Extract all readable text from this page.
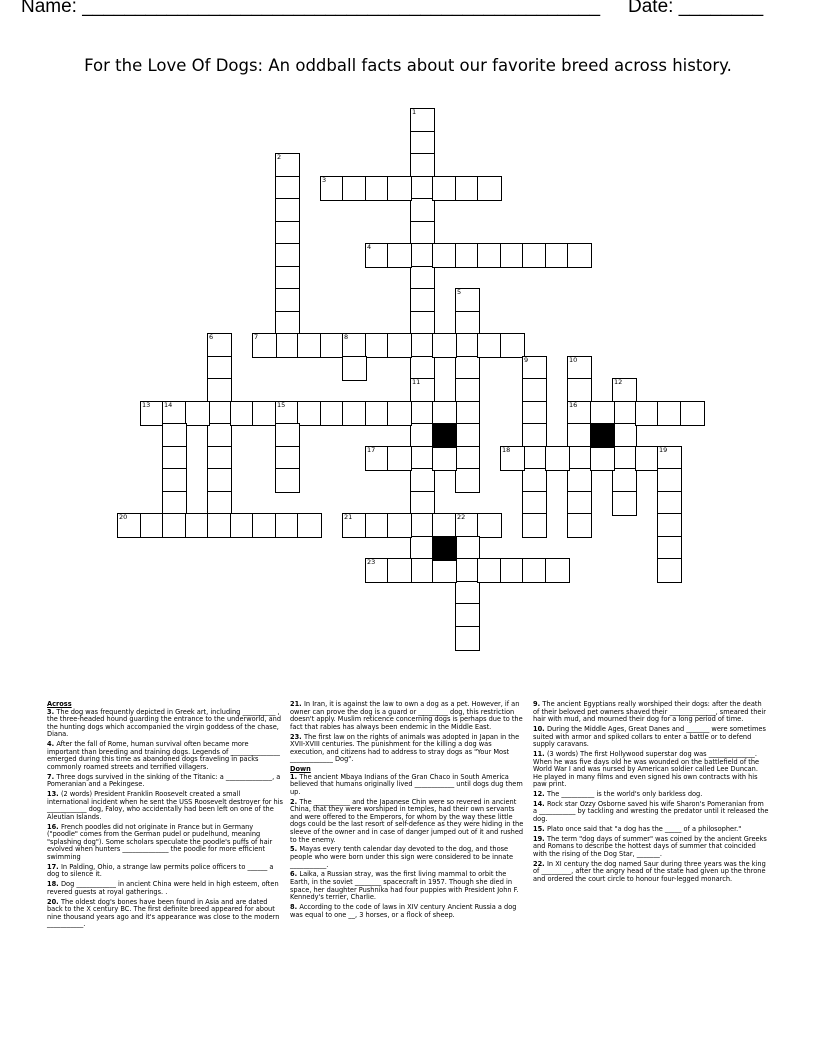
Name: _________________________________________________ Date: ________
For the Love Of Dogs: An oddball facts about our favorite breed across history.
1
11
2
3
4
5
6	7	8
9	10
16
12
13 14	15
17	18	19
20	21	22
23

Across

3. The dog was frequently depicted in Greek art, including __________ , the three-headed hound guarding the entrance to the underworld, and the hunting dogs which accompanied the virgin goddess of the chase, Diana.

4. After the fall of Rome, human survival often became more important than breeding and training dogs. Legends of _______________ emerged during this time as abandoned dogs traveling in packs commonly roamed streets and terrified villagers.

7. Three dogs survived in the sinking of the Titanic: a ______________, a Pomeranian and a Pekingese.

13. (2 words) President Franklin Roosevelt created a small international incident when he sent the USS Roosevelt destroyer for his ____________ dog, Faloy, who accidentally had been left on one of the Aleutian Islands.

16. French poodles did not originate in France but in Germany ("poodle" comes from the German pudel or pudelhund, meaning "splashing dog"). Some scholars speculate the poodle's puffs of hair evolved when hunters ______________ the poodle for more efficient swimming

17. In Palding, Ohio, a strange law permits police officers to ______ a dog to silence it.

18. Dog ____________ in ancient China were held in high esteem, often revered guests at royal gatherings. .

20. The oldest dog's bones have been found in Asia and are dated back to the X century BC. The first definite breed appeared for about nine thousand years ago and it's appearance was close to the modern ___________.

21. In Iran, it is against the law to own a dog as a pet. However, if an owner can prove the dog is a guard or _________ dog, this restriction doesn't apply. Muslim reticence concerning dogs is perhaps due to the fact that rabies has always been endemic in the Middle East.

23. The first law on the rights of animals was adopted in Japan in the XVII-XVIII centuries. The punishment for the killing a dog was execution, and citizens had to address to stray dogs as "Your Most _____________ Dog".

Down

1. The ancient Mbaya Indians of the Gran Chaco in South America believed that humans originally lived ____________ until dogs dug them up.

2. The ___________ and the Japanese Chin were so revered in ancient China, that they were worshiped in temples, had their own servants and were offered to the Emperors, for whom by the way these little dogs could be the last resort of self-defence as they were hiding in the sleeve of the owner and in case of danger jumped out of it and rushed to the enemy.

5. Mayas every tenth calendar day devoted to the dog, and those people who were born under this sign were considered to be innate ___________.

6. Laika, a Russian stray, was the first living mammal to orbit the Earth, in the soviet ________ spacecraft in 1957. Though she died in space, her daughter Pushnika had four puppies with President John F. Kennedy's terrier, Charlie.

8. According to the code of laws in XIV century Ancient Russia a dog was equal to one __, 3 horses, or a flock of sheep.

9. The ancient Egyptians really worshiped their dogs: after the death of their beloved pet owners shaved their ______________, smeared their hair with mud, and mourned their dog for a long period of time.

10. During the Middle Ages, Great Danes and _______ were sometimes suited with armor and spiked collars to enter a battle or to defend supply caravans.

11. (3 words) The first Hollywood superstar dog was ______________. When he was five days old he was wounded on the battlefield of the World War I and was nursed by American soldier called Lee Duncan. He played in many films and even signed his own contracts with his paw print.

12. The __________ is the world's only barkless dog.

14. Rock star Ozzy Osborne saved his wife Sharon's Pomeranian from a ___________ by tackling and wresting the predator until it released the dog.

15. Plato once said that "a dog has the _____ of a philosopher."

19. The term "dog days of summer" was coined by the ancient Greeks and Romans to describe the hottest days of summer that coincided with the rising of the Dog Star, _______.

22. In XI century the dog named Saur during three years was the king of _________, after the angry head of the state had given up the throne and ordered the court circle to honour four-legged monarch.
